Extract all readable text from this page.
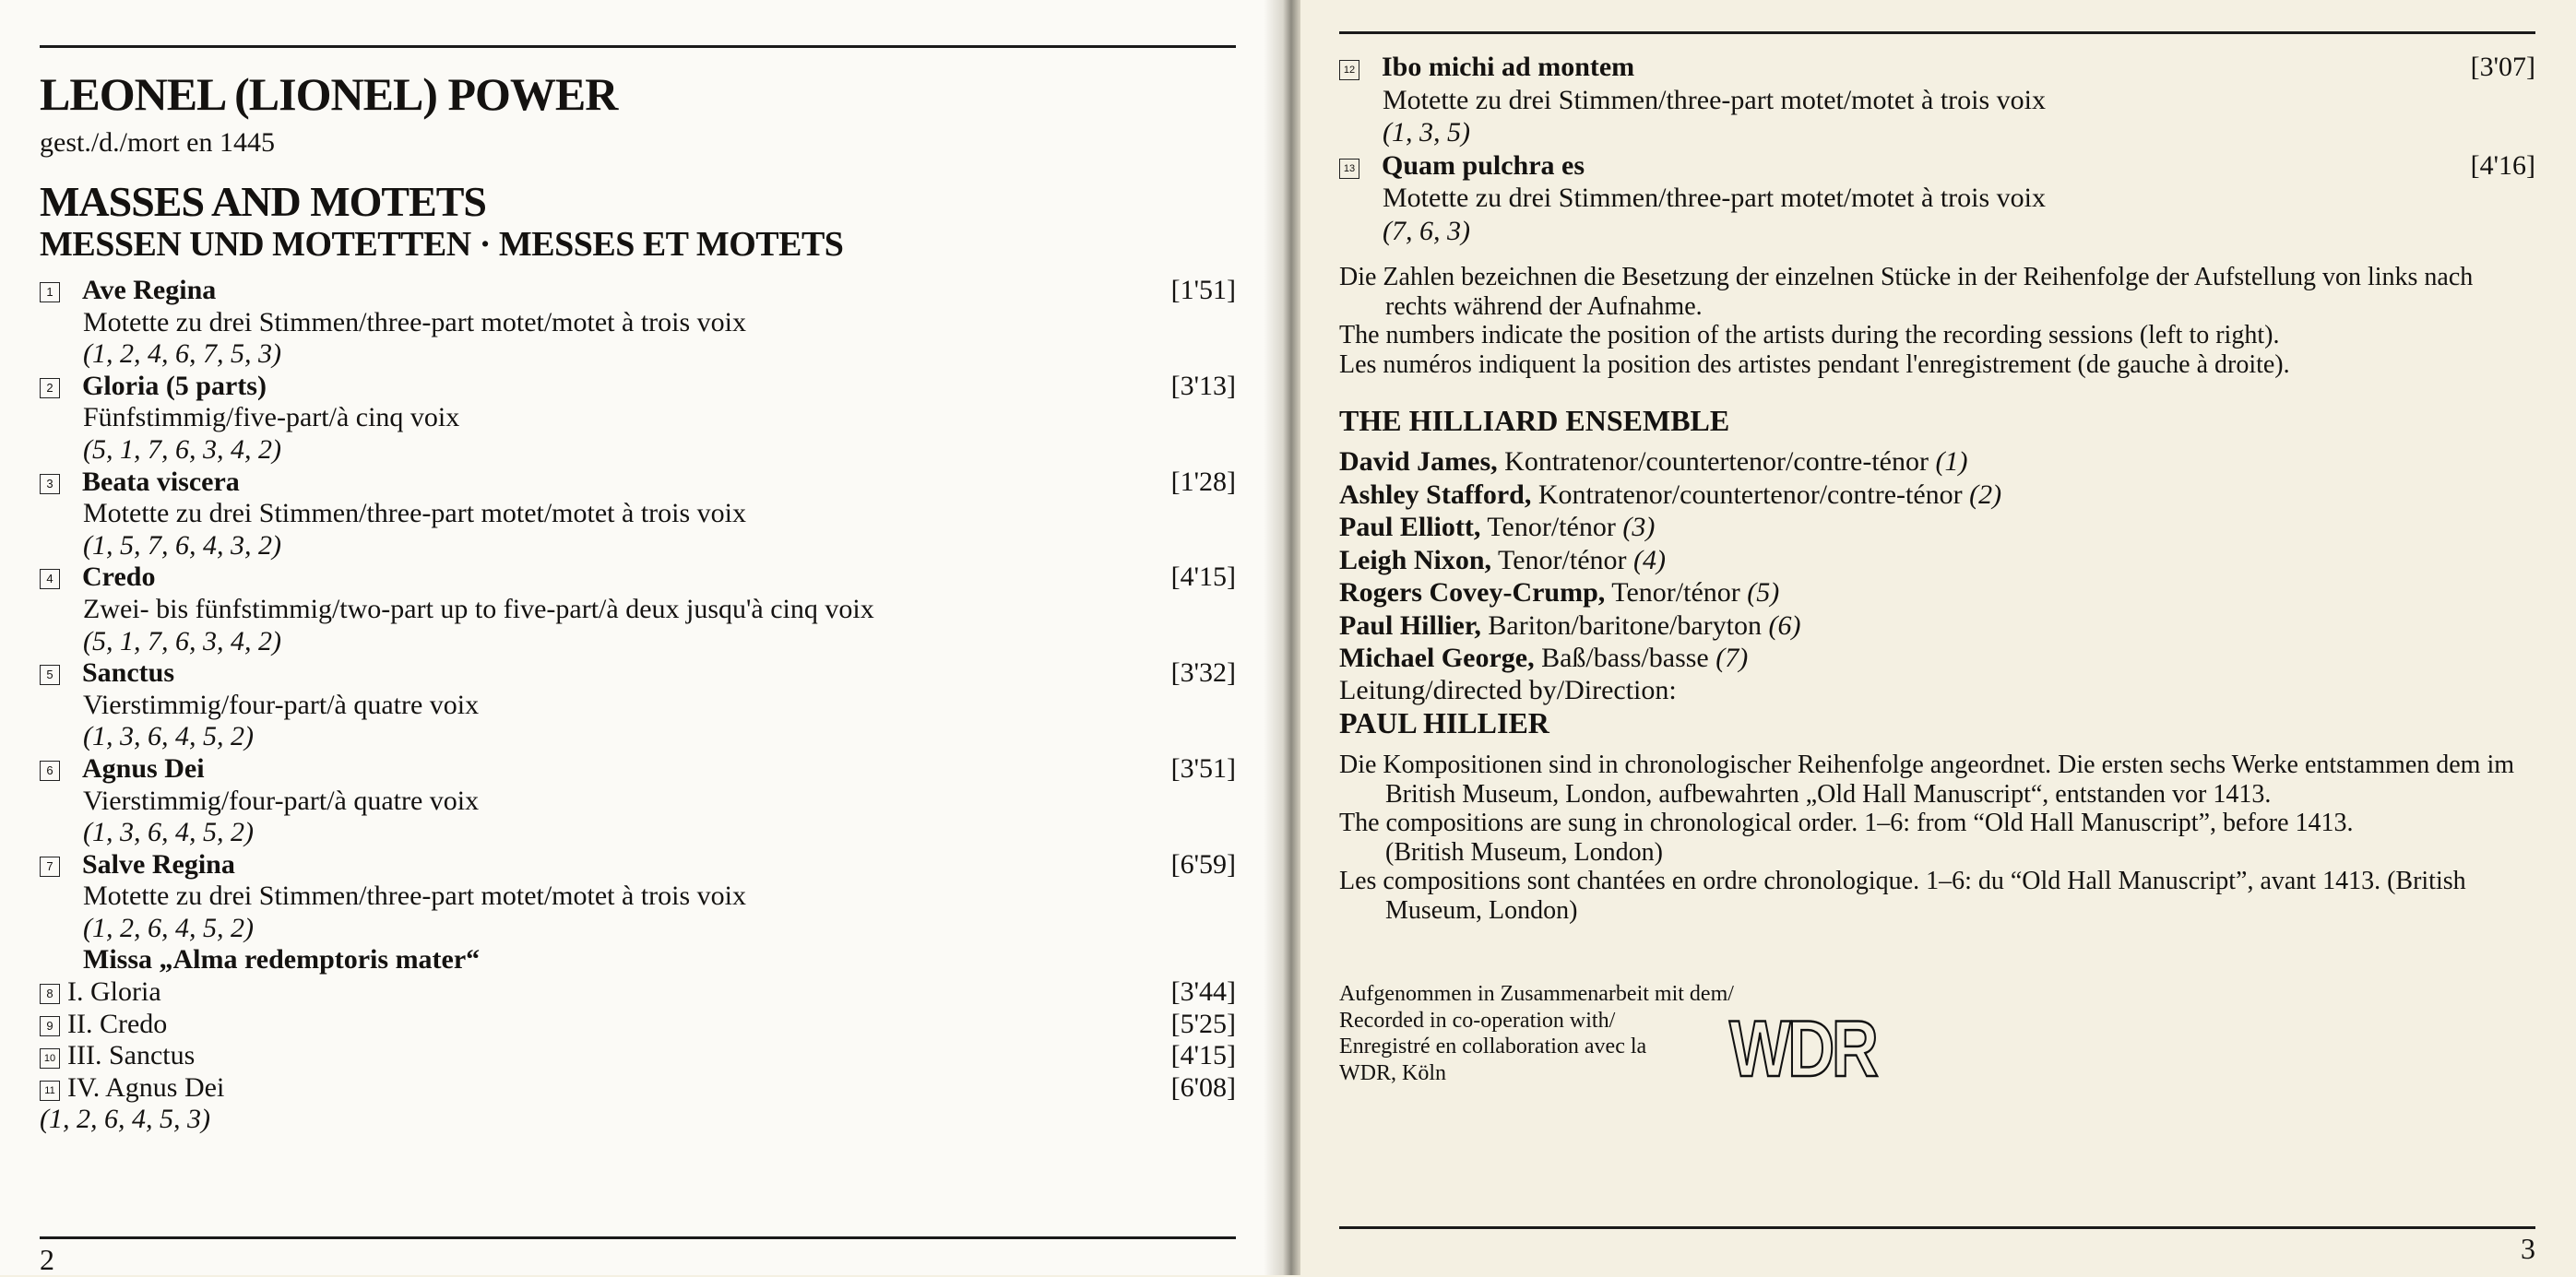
LEONEL (LIONEL) POWER
gest./d./mort en 1445
MASSES AND MOTETS
MESSEN UND MOTETTEN · MESSES ET MOTETS
1 Ave Regina	[1'51]
Motette zu drei Stimmen/three-part motet/motet à trois voix
(1, 2, 4, 6, 7, 5, 3)
2 Gloria (5 parts)	[3'13]
Fünfstimmig/five-part/à cinq voix
(5, 1, 7, 6, 3, 4, 2)
3 Beata viscera	[1'28]
Motette zu drei Stimmen/three-part motet/motet à trois voix
(1, 5, 7, 6, 4, 3, 2)
4 Credo	[4'15]
Zwei- bis fünfstimmig/two-part up to five-part/à deux jusqu'à cinq voix
(5, 1, 7, 6, 3, 4, 2)
5 Sanctus	[3'32]
Vierstimmig/four-part/à quatre voix
(1, 3, 6, 4, 5, 2)
6 Agnus Dei	[3'51]
Vierstimmig/four-part/à quatre voix
(1, 3, 6, 4, 5, 2)
7 Salve Regina	[6'59]
Motette zu drei Stimmen/three-part motet/motet à trois voix
(1, 2, 6, 4, 5, 2)
Missa „Alma redemptoris mater“
8 I. Gloria	[3'44]
9 II. Credo	[5'25]
10 III. Sanctus	[4'15]
11 IV. Agnus Dei	[6'08]
(1, 2, 6, 4, 5, 3)
2
12 Ibo michi ad montem	[3'07]
Motette zu drei Stimmen/three-part motet/motet à trois voix
(1, 3, 5)
13 Quam pulchra es	[4'16]
Motette zu drei Stimmen/three-part motet/motet à trois voix
(7, 6, 3)
Die Zahlen bezeichnen die Besetzung der einzelnen Stücke in der Reihenfolge der Aufstellung von links nach rechts während der Aufnahme.
The numbers indicate the position of the artists during the recording sessions (left to right).
Les numéros indiquent la position des artistes pendant l'enregistrement (de gauche à droite).
THE HILLIARD ENSEMBLE
David James, Kontratenor/countertenor/contre-ténor (1)
Ashley Stafford, Kontratenor/countertenor/contre-ténor (2)
Paul Elliott, Tenor/ténor (3)
Leigh Nixon, Tenor/ténor (4)
Rogers Covey-Crump, Tenor/ténor (5)
Paul Hillier, Bariton/baritone/baryton (6)
Michael George, Baß/bass/basse (7)
Leitung/directed by/Direction:
PAUL HILLIER
Die Kompositionen sind in chronologischer Reihenfolge angeordnet. Die ersten sechs Werke entstammen dem im British Museum, London, aufbewahrten „Old Hall Manuscript“, entstanden vor 1413.
The compositions are sung in chronological order. 1–6: from “Old Hall Manuscript”, before 1413. (British Museum, London)
Les compositions sont chantées en ordre chronologique. 1–6: du “Old Hall Manuscript”, avant 1413. (British Museum, London)
Aufgenommen in Zusammenarbeit mit dem/
Recorded in co-operation with/
Enregistré en collaboration avec la
WDR, Köln	WDR
3
